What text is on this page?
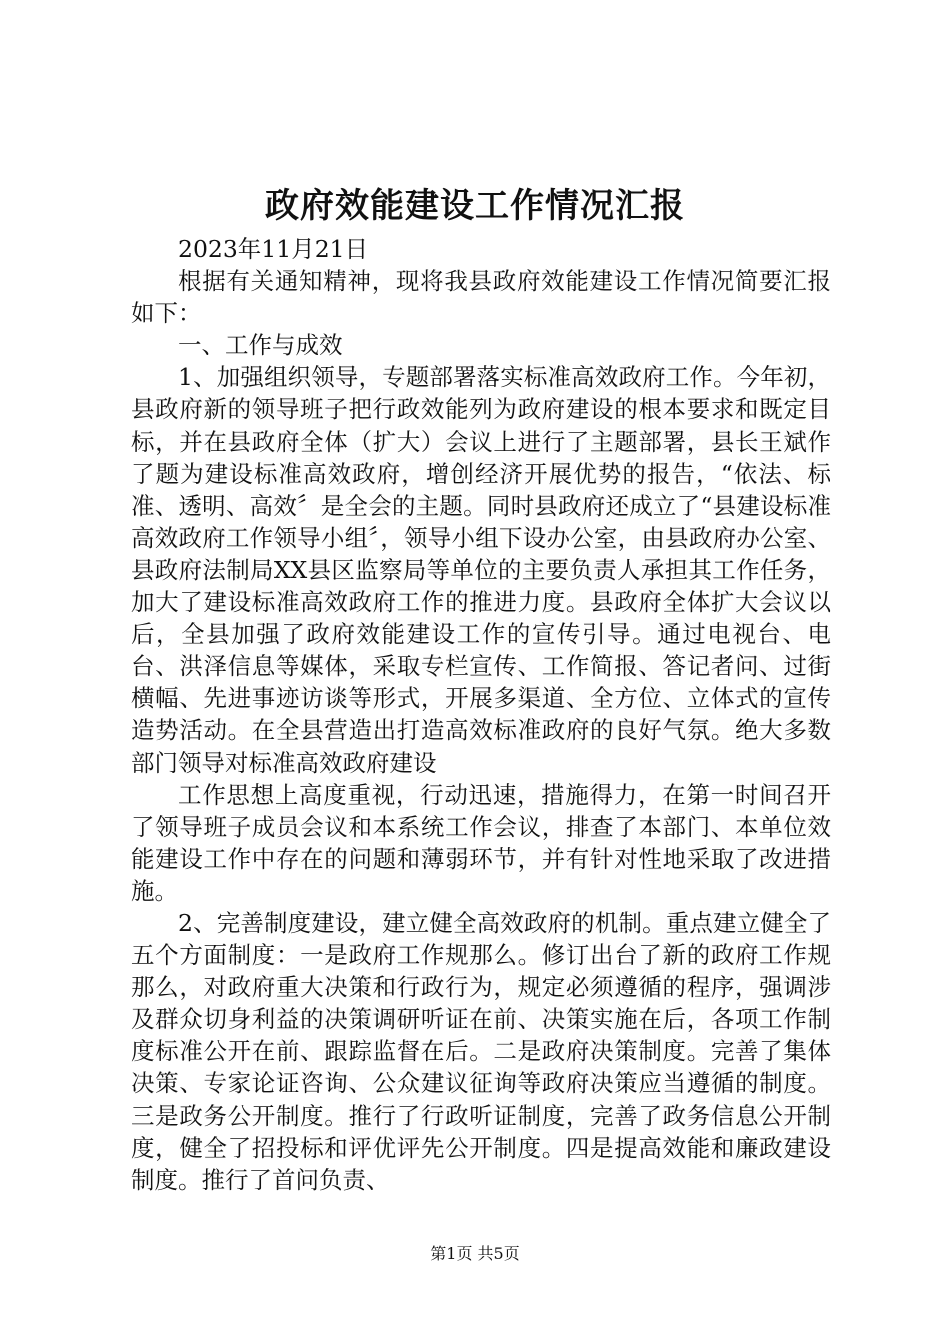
政府效能建设工作情况汇报

2023年11月21日

根据有关通知精神，现将我县政府效能建设工作情况简要汇报如下：

一、工作与成效

1、加强组织领导，专题部署落实标准高效政府工作。今年初，县政府新的领导班子把行政效能列为政府建设的根本要求和既定目标，并在县政府全体（扩大）会议上进行了主题部署，县长王斌作了题为建设标准高效政府，增创经济开展优势的报告，“依法、标准、透明、高效〞是全会的主题。同时县政府还成立了“县建设标准高效政府工作领导小组〞，领导小组下设办公室，由县政府办公室、县政府法制局XX县区监察局等单位的主要负责人承担其工作任务，加大了建设标准高效政府工作的推进力度。县政府全体扩大会议以后，全县加强了政府效能建设工作的宣传引导。通过电视台、电台、洪泽信息等媒体，采取专栏宣传、工作简报、答记者问、过街横幅、先进事迹访谈等形式，开展多渠道、全方位、立体式的宣传造势活动。在全县营造出打造高效标准政府的良好气氛。绝大多数部门领导对标准高效政府建设

工作思想上高度重视，行动迅速，措施得力，在第一时间召开了领导班子成员会议和本系统工作会议，排查了本部门、本单位效能建设工作中存在的问题和薄弱环节，并有针对性地采取了改进措施。

2、完善制度建设，建立健全高效政府的机制。重点建立健全了五个方面制度：一是政府工作规那么。修订出台了新的政府工作规那么，对政府重大决策和行政行为，规定必须遵循的程序，强调涉及群众切身利益的决策调研听证在前、决策实施在后，各项工作制度标准公开在前、跟踪监督在后。二是政府决策制度。完善了集体决策、专家论证咨询、公众建议征询等政府决策应当遵循的制度。三是政务公开制度。推行了行政听证制度，完善了政务信息公开制度，健全了招投标和评优评先公开制度。四是提高效能和廉政建设制度。推行了首问负责、

第1页 共5页
